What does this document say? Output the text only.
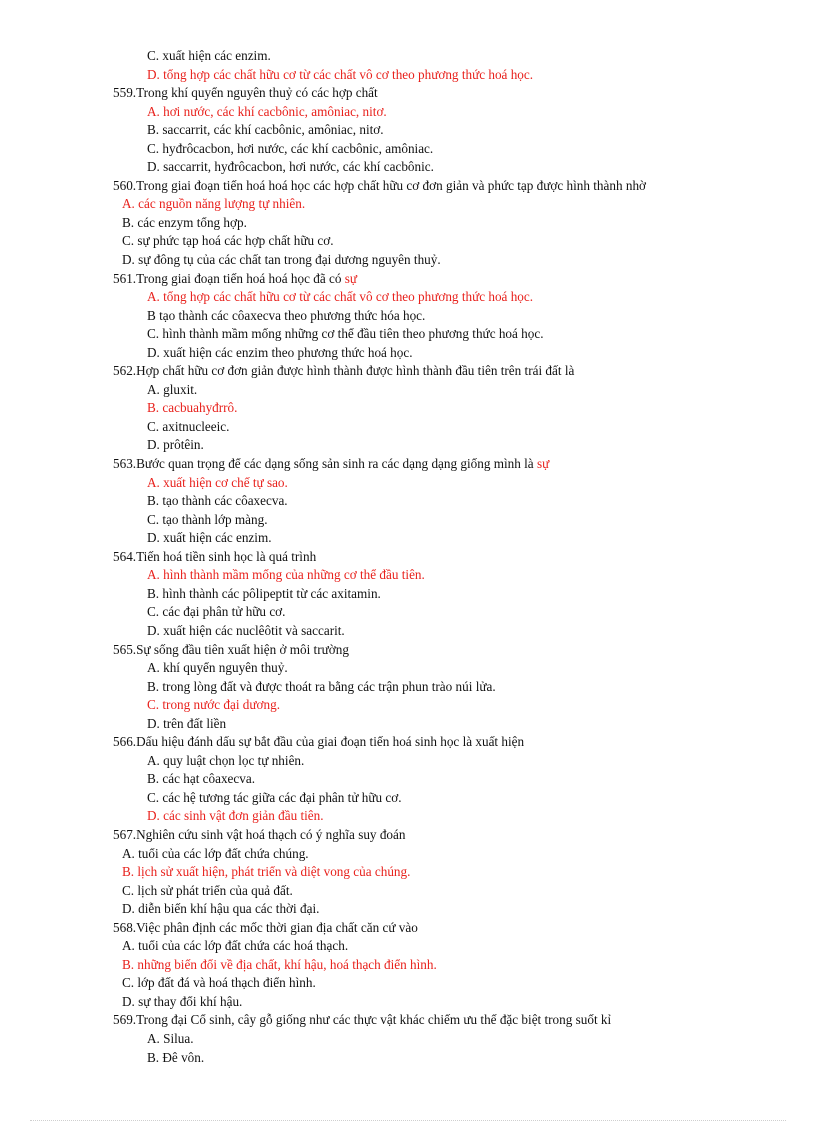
C. xuất hiện các enzim.
D. tổng hợp các chất hữu cơ từ các chất vô cơ theo phương thức hoá học.
559.Trong khí quyển nguyên thuỷ có các hợp chất
A. hơi nước, các khí cacbônic, amôniac, nitơ.
B. saccarrit, các khí cacbônic, amôniac, nitơ.
C. hyđrôcacbon, hơi nước, các khí cacbônic, amôniac.
D. saccarrit, hyđrôcacbon, hơi nước, các khí cacbônic.
560.Trong giai đoạn tiến hoá hoá học các hợp chất hữu cơ đơn giản và phức tạp được hình thành nhờ
A. các nguồn năng lượng tự nhiên.
B. các enzym tổng hợp.
C. sự phức tạp hoá các hợp chất hữu cơ.
D. sự đông tụ của các chất tan trong đại dương nguyên thuỷ.
561.Trong giai đoạn tiến hoá hoá học đã có sự
A. tổng hợp các chất hữu cơ từ các chất vô cơ theo phương thức hoá học.
B tạo thành các côaxecva theo phương thức hóa học.
C. hình thành mầm mống những cơ thể đầu tiên theo phương thức hoá học.
D. xuất hiện các enzim theo phương thức hoá học.
562.Hợp chất hữu cơ đơn giản được hình thành được hình thành đầu tiên trên trái đất là
A. gluxit.
B. cacbuahyđrrô.
C. axitnucleeic.
D. prôtêin.
563.Bước quan trọng để các dạng sống sản sinh ra các dạng dạng giống mình là sự
A. xuất hiện cơ chế tự sao.
B. tạo thành các côaxecva.
C. tạo thành lớp màng.
D. xuất hiện các enzim.
564.Tiến hoá tiền sinh học là quá trình
A. hình thành mầm mống của những cơ thể đầu tiên.
B. hình thành các pôlipeptit từ các axitamin.
C. các đại phân tử hữu cơ.
D. xuất hiện các nuclêôtit và saccarit.
565.Sự sống đầu tiên xuất hiện ở môi trường
A. khí quyển nguyên thuỷ.
B. trong lòng đất và được thoát ra bằng các trận phun trào núi lửa.
C. trong nước đại dương.
D. trên đất liền
566.Dấu hiệu đánh dấu sự bắt đầu của giai đoạn tiến hoá sinh học là xuất hiện
A. quy luật chọn lọc tự nhiên.
B. các hạt côaxecva.
C. các hệ tương tác giữa các đại phân tử hữu cơ.
D. các sinh vật đơn giản đầu tiên.
567.Nghiên cứu sinh vật hoá thạch có ý nghĩa suy đoán
A. tuổi của các lớp đất chứa chúng.
B. lịch sử xuất hiện, phát triển và diệt vong của chúng.
C. lịch sử phát triển của quả đất.
D. diễn biến khí hậu qua các thời đại.
568.Việc phân định các mốc thời gian địa chất căn cứ vào
A. tuổi của các lớp đất chứa các hoá thạch.
B. những biến đổi về địa chất, khí hậu, hoá thạch điển hình.
C. lớp đất đá và hoá thạch điển hình.
D. sự thay đổi khí hậu.
569.Trong đại Cổ sinh, cây gỗ giống như các thực vật khác chiếm ưu thế đặc biệt trong suốt kỉ
A. Silua.
B. Đê vôn.
